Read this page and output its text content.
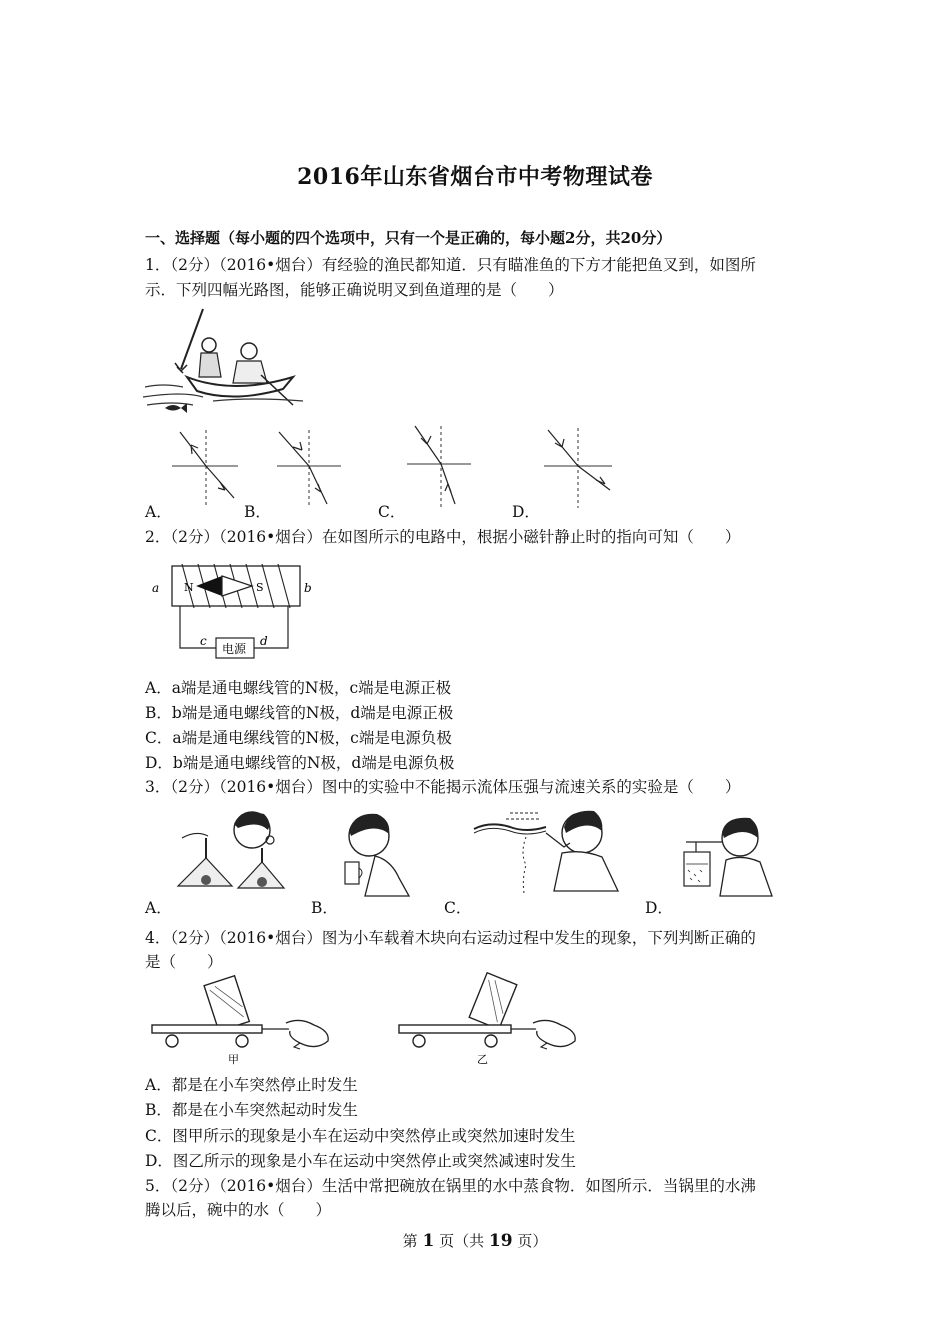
2016年山东省烟台市中考物理试卷
一、选择题（每小题的四个选项中，只有一个是正确的，每小题2分，共20分）
1．（2分）（2016•烟台）有经验的渔民都知道．只有瞄准鱼的下方才能把鱼叉到，如图所
示．下列四幅光路图，能够正确说明叉到鱼道理的是（　　）
A．	B．	C．	D．
2．（2分）（2016•烟台）在如图所示的电路中，根据小磁针静止时的指向可知（　　）
N	S
a	b
电源
c	d
A．a端是通电螺线管的N极，c端是电源正极
B．b端是通电螺线管的N极，d端是电源正极
C．a端是通电缧线管的N极，c端是电源负极
D．b端是通电螺线管的N极，d端是电源负极
3．（2分）（2016•烟台）图中的实验中不能揭示流体压强与流速关系的实验是（　　）
A．	B．	C．	D．
4．（2分）（2016•烟台）图为小车载着木块向右运动过程中发生的现象，下列判断正确的
是（　　）
甲	乙
A．都是在小车突然停止时发生
B．都是在小车突然起动时发生
C．图甲所示的现象是小车在运动中突然停止或突然加速时发生
D．图乙所示的现象是小车在运动中突然停止或突然减速时发生
5．（2分）（2016•烟台）生活中常把碗放在锅里的水中蒸食物．如图所示．当锅里的水沸
腾以后，碗中的水（　　）
第 1 页（共 19 页）
